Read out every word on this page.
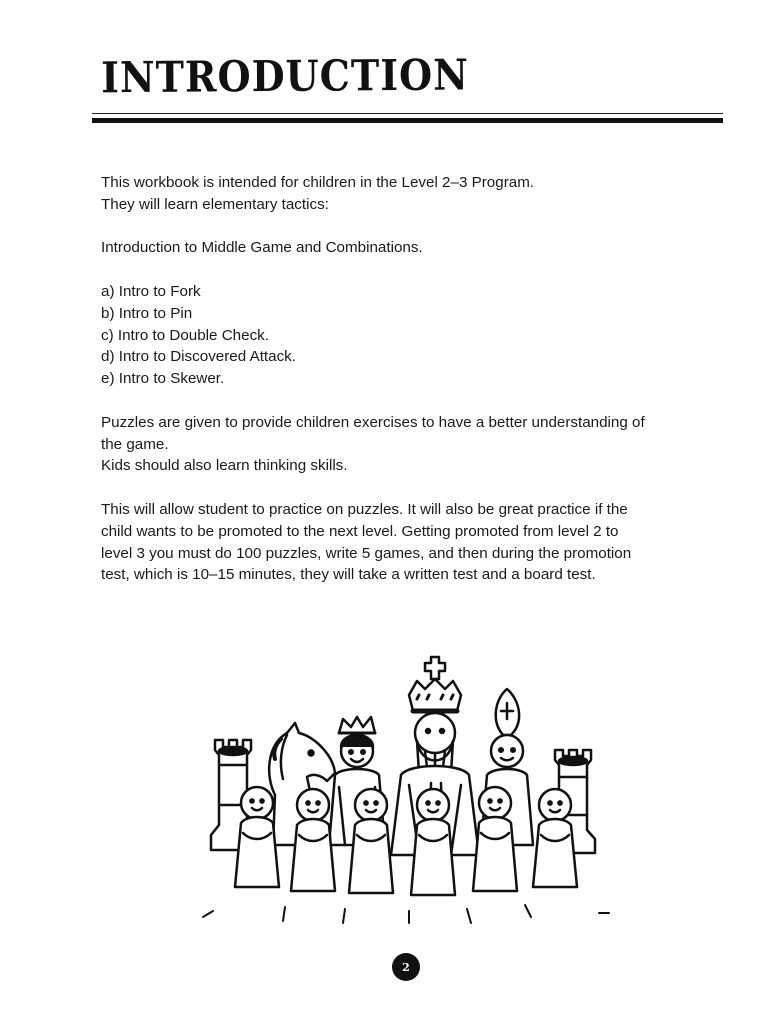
INTRODUCTION

This workbook is intended for children in the Level 2–3 Program.
They will learn elementary tactics:

Introduction to Middle Game and Combinations.

a) Intro to Fork
b) Intro to Pin
c) Intro to Double Check.
d) Intro to Discovered Attack.
e) Intro to Skewer.

Puzzles are given to provide children exercises to have a better understanding of
the game.
Kids should also learn thinking skills.

This will allow student to practice on puzzles. It will also be great practice if the
child wants to be promoted to the next level. Getting promoted from level 2 to
level 3 you must do 100 puzzles, write 5 games, and then during the promotion
test, which is 10–15 minutes, they will take a written test and a board test.

2
